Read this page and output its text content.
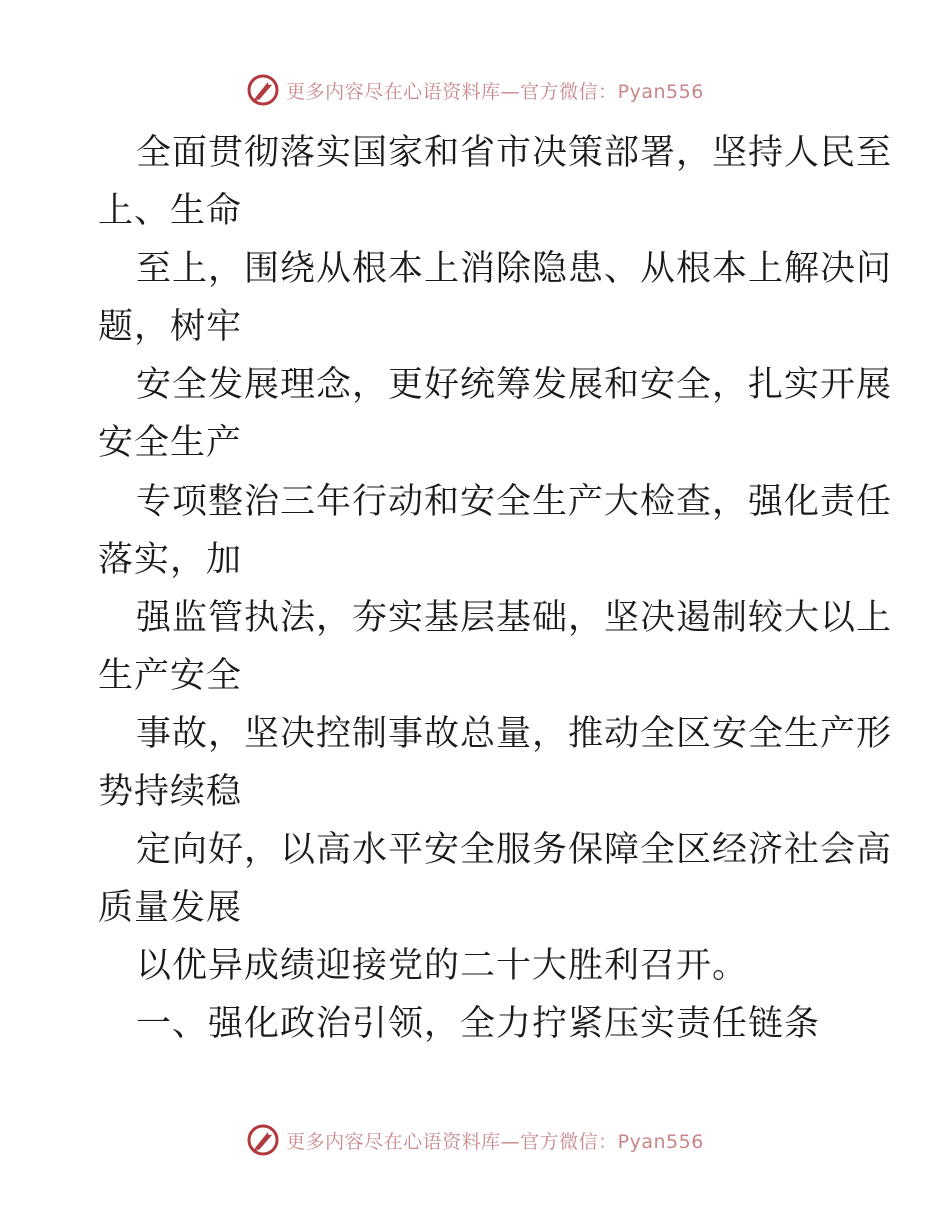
更多内容尽在心语资料库—官方微信：Pyan556
全面贯彻落实国家和省市决策部署，坚持人民至
上、生命
至上，围绕从根本上消除隐患、从根本上解决问
题，树牢
安全发展理念，更好统筹发展和安全，扎实开展
安全生产
专项整治三年行动和安全生产大检查，强化责任
落实，加
强监管执法，夯实基层基础，坚决遏制较大以上
生产安全
事故，坚决控制事故总量，推动全区安全生产形
势持续稳
定向好，以高水平安全服务保障全区经济社会高
质量发展
以优异成绩迎接党的二十大胜利召开。
一、强化政治引领，全力拧紧压实责任链条
更多内容尽在心语资料库—官方微信：Pyan556
